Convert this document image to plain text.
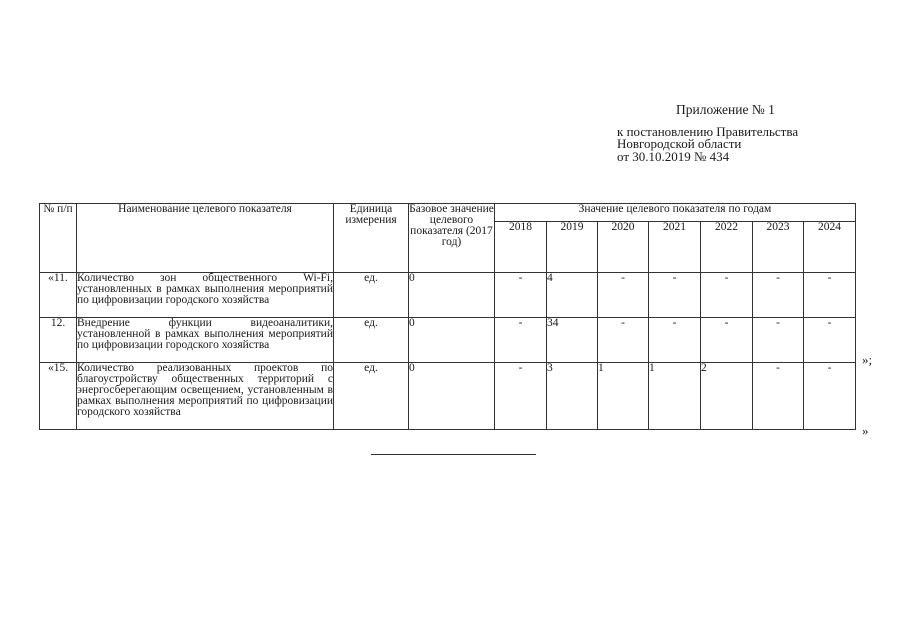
Приложение № 1
к постановлению Правительства
Новгородской области
от 30.10.2019 № 434
№ п/п	Наименование целевого показателя	Единица измерения	Базовое значение целевого показателя (2017 год)	Значение целевого показателя по годам						
				2018	2019	2020	2021	2022	2023	2024
«11.	Количество зон общественного Wi-Fi, установленных в рамках выполнения мероприятий по цифровизации городского хозяйства	ед.	0	-	4	-	-	-	-	-
12.	Внедрение функции видеоаналитики, установленной в рамках выполнения мероприятий по цифровизации городского хозяйства	ед.	0	-	34	-	-	-	-	-
«15.	Количество реализованных проектов по благоустройству общественных территорий с энергосберегающим освещением, установленным в рамках выполнения мероприятий по цифровизации городского хозяйства	ед.	0	-	3	1	1	2	-	-
»;
»
